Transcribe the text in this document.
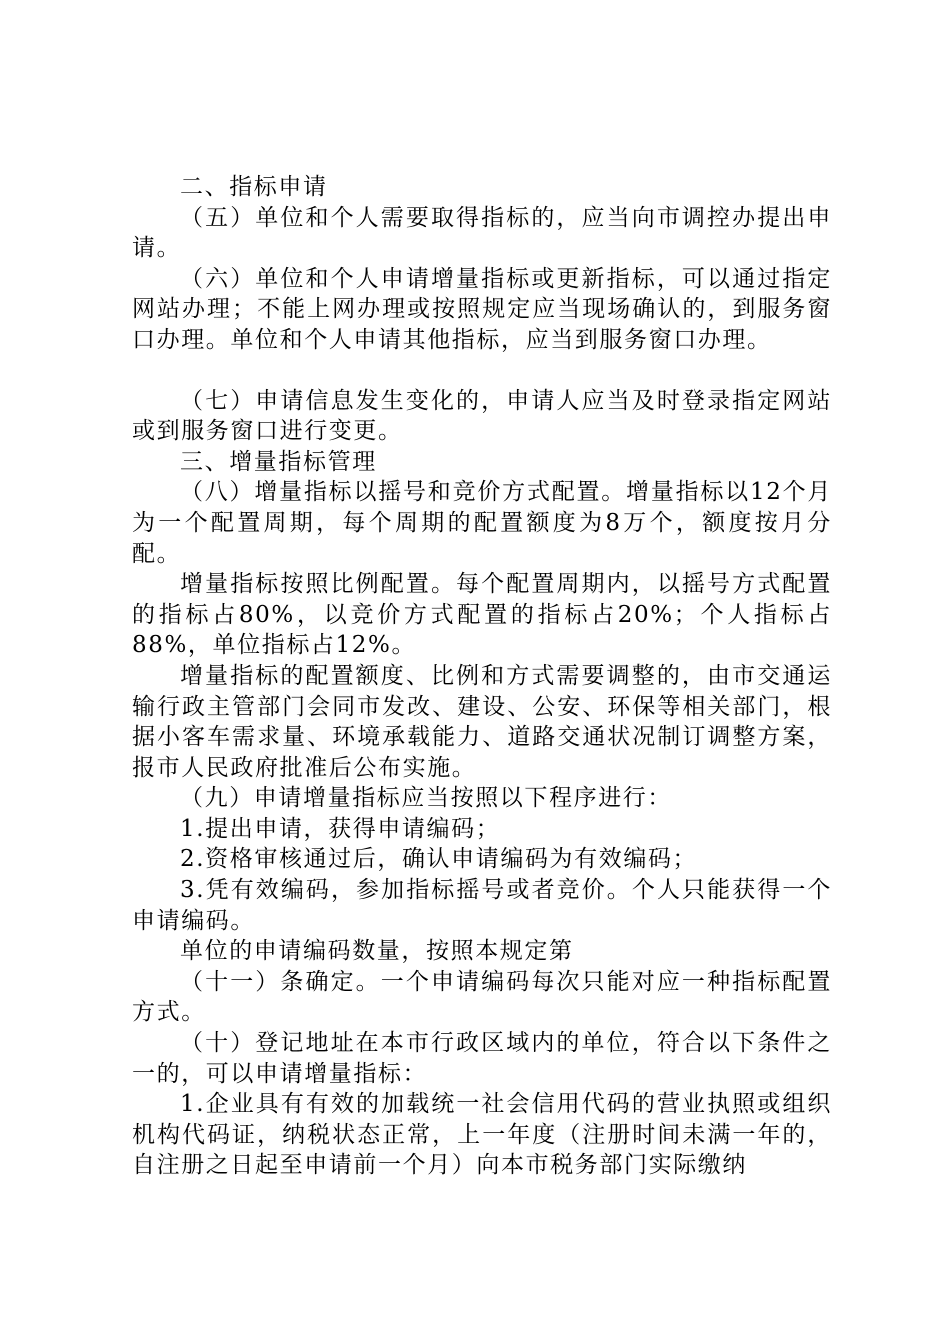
二、指标申请

（五）单位和个人需要取得指标的，应当向市调控办提出申请。

（六）单位和个人申请增量指标或更新指标，可以通过指定网站办理；不能上网办理或按照规定应当现场确认的，到服务窗口办理。单位和个人申请其他指标，应当到服务窗口办理。

（七）申请信息发生变化的，申请人应当及时登录指定网站或到服务窗口进行变更。

三、增量指标管理

（八）增量指标以摇号和竞价方式配置。增量指标以12个月为一个配置周期，每个周期的配置额度为8万个，额度按月分配。

增量指标按照比例配置。每个配置周期内，以摇号方式配置的指标占80%，以竞价方式配置的指标占20%；个人指标占88%，单位指标占12%。

增量指标的配置额度、比例和方式需要调整的，由市交通运输行政主管部门会同市发改、建设、公安、环保等相关部门，根据小客车需求量、环境承载能力、道路交通状况制订调整方案，报市人民政府批准后公布实施。

（九）申请增量指标应当按照以下程序进行：

1.提出申请，获得申请编码；

2.资格审核通过后，确认申请编码为有效编码；

3.凭有效编码，参加指标摇号或者竞价。个人只能获得一个申请编码。

单位的申请编码数量，按照本规定第

（十一）条确定。一个申请编码每次只能对应一种指标配置方式。

（十）登记地址在本市行政区域内的单位，符合以下条件之一的，可以申请增量指标：

1.企业具有有效的加载统一社会信用代码的营业执照或组织机构代码证，纳税状态正常，上一年度（注册时间未满一年的，自注册之日起至申请前一个月）向本市税务部门实际缴纳
